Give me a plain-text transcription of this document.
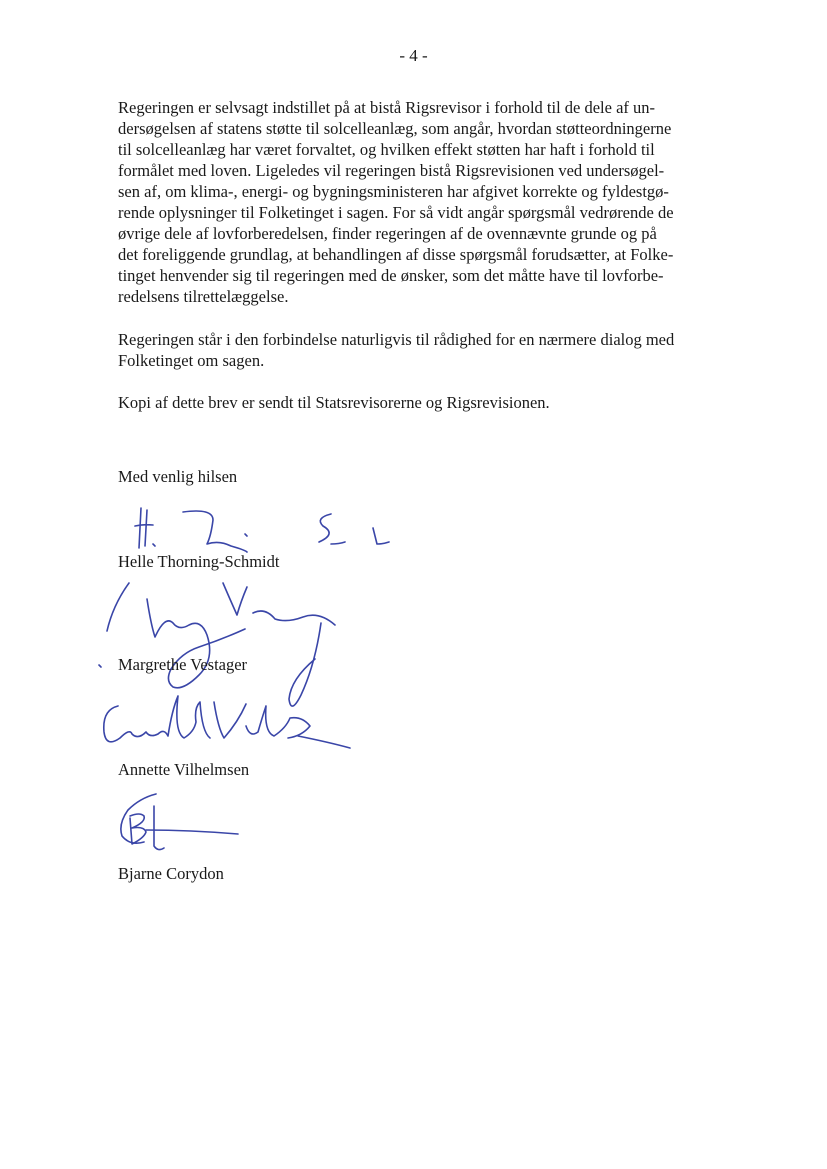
- 4 -

Regeringen er selvsagt indstillet på at bistå Rigsrevisor i forhold til de dele af un-
dersøgelsen af statens støtte til solcelleanlæg, som angår, hvordan støtteordningerne
til solcelleanlæg har været forvaltet, og hvilken effekt støtten har haft i forhold til
formålet med loven. Ligeledes vil regeringen bistå Rigsrevisionen ved undersøgel-
sen af, om klima-, energi- og bygningsministeren har afgivet korrekte og fyldestgø-
rende oplysninger til Folketinget i sagen. For så vidt angår spørgsmål vedrørende de
øvrige dele af lovforberedelsen, finder regeringen af de ovennævnte grunde og på
det foreliggende grundlag, at behandlingen af disse spørgsmål forudsætter, at Folke-
tinget henvender sig til regeringen med de ønsker, som det måtte have til lovforbe-
redelsens tilrettelæggelse.

Regeringen står i den forbindelse naturligvis til rådighed for en nærmere dialog med
Folketinget om sagen.

Kopi af dette brev er sendt til Statsrevisorerne og Rigsrevisionen.

Med venlig hilsen

Helle Thorning-Schmidt

Margrethe Vestager

Annette Vilhelmsen

Bjarne Corydon
